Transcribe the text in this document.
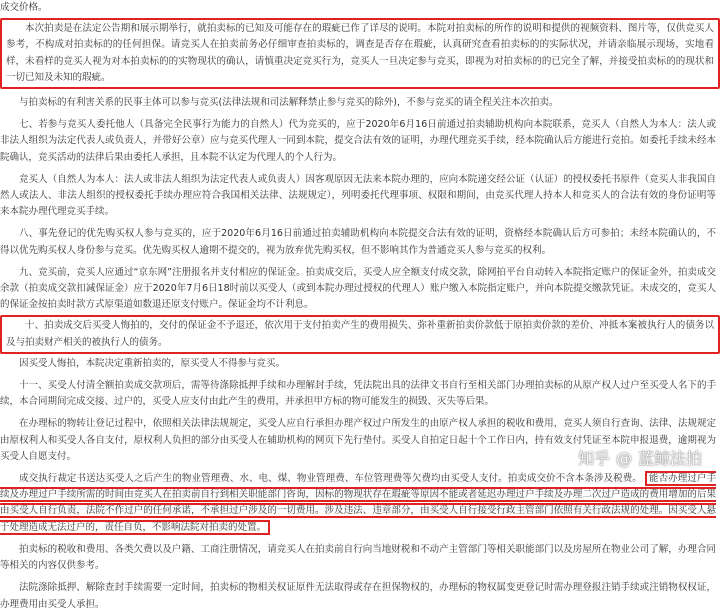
成交价格。

本次拍卖是在法定公告期和展示期举行，就拍卖标的已知及可能存在的瑕疵已作了详尽的说明。本院对拍卖标的所作的说明和提供的视频资料、图片等，仅供竞买人参考，不构成对拍卖标的的任何担保。请竞买人在拍卖前务必仔细审查拍卖标的，调查是否存在瑕疵，认真研究查看拍卖标的的实际状况，并请亲临展示现场，实地看样，未看样的竞买人视为对本拍卖标的的实物现状的确认，请慎重决定竞买行为，竞买人一旦决定参与竞买，即视为对拍卖标的的已完全了解，并接受拍卖标的的现状和一切已知及未知的瑕疵。

与拍卖标的有利害关系的民事主体可以参与竞买(法律法规和司法解释禁止参与竞买的除外)，不参与竞买的请全程关注本次拍卖。

七、若参与竞买人委托他人（具备完全民事行为能力的自然人）代为竞买的，应于2020年6月16日前通过拍卖辅助机构向本院联系，竞买人（自然人为本人：法人或非法人组织为法定代表人或负责人，并带好公章）应与竞买代理人一同到本院，提交合法有效的证明，办理代理竞买手续，经本院确认后方能进行竞拍。如委托手续未经本院确认，竞买活动的法律后果由委托人承担，且本院不认定为代理人的个人行为。

竞买人（自然人为本人：法人或非法人组织为法定代表人或负责人）因客观原因无法来本院办理的，应向本院递交经公证（认证）的授权委托书原件（竞买人非我国自然人或法人、非法人组织的授权委托手续办理应符合我国相关法律、法规规定），列明委托代理事项、权限和期间，由竞买代理人持本人和竞买人的合法有效的身份证明等来本院办理代理竞买手续。

八、事先登记的优先购买权人参与竞买的，应于2020年6月16日前通过拍卖辅助机构向本院提交合法有效的证明，资格经本院确认后方可参拍；未经本院确认的，不得以优先购买权人身份参与竞买。优先购买权人逾期不提交的，视为放弃优先购买权，但不影响其作为普通竞买人参与竞买的权利。

九、竞买前，竞买人应通过“京东网”注册报名并支付相应的保证金。拍卖成交后，买受人应全额支付成交款，除网拍平台自动转入本院指定账户的保证金外，拍卖成交余款（拍卖成交款扣减保证金）应于2020年7月6日18时前以买受人（或到本院办理过授权的代理人）账户缴入本院指定账户，并向本院提交缴款凭证。未成交的，竞买人的保证金按拍卖时款方式原渠道如数退还原支付账户。保证金均不计利息。

十、拍卖成交后买受人悔拍的，交付的保证金不予退还，依次用于支付拍卖产生的费用损失、弥补重新拍卖价款低于原拍卖价款的差价、冲抵本案被执行人的债务以及与拍卖财产相关的被执行人的债务。

因买受人悔拍，本院决定重新拍卖的，原买受人不得参与竞买。

十一、买受人付清全额拍卖成交款项后，需等待涤除抵押手续和办理解封手续，凭法院出具的法律文书自行至相关部门办理拍卖标的从原产权人过户至买受人名下的手续，本合同期间完成交接、过户的，买受人应支付由此产生的费用，并承担甲方标的物可能发生的损毁、灭失等后果。

在办理标的物转让登记过程中，依照相关法律法规规定，买受人应自行承担办理产权过户所发生的由原产权人承担的税收和费用，竞买人须自行查询、法律、法规规定由原权利人和买受人各自支付，原权利人负担的部分由买受人在辅助机构的网页下先行垫付。买受人自拍定日起十个工作日内，持有效支付凭证至本院申报退费，逾期视为买受人自愿支付。

成交执行裁定书送达买受人之后产生的物业管理费、水、电、煤、物业管理费、车位管理费等欠费均由买受人支付。拍卖成交价不含本条涉及税费。 能否办理过户手续及办理过户手续所需的时间由竞买人在拍卖前自行到相关职能部门咨询，因标的物现状存在瑕疵等原因不能或者延迟办理过户手续及办理二次过户造成的费用增加的后果由买受人自行负责，法院不作过户的任何承诺，不承担过户涉及的一切费用。涉及违法、违章部分，由买受人自行接受行政主管部门依照有关行政法规的处理。因买受人悬于处理造成无法过户的，责任自负，不影响法院对拍卖的处置。

拍卖标的税收和费用、各类欠费以及户籍、工商注册情况，请竞买人在拍卖前自行向当地财税和不动产主管部门等相关职能部门以及房屋所在物业公司了解，办理合同等相关的内容仅供参考。

法院涤除抵押、解除查封手续需要一定时间，拍卖标的物相关权证原件无法取得或存在担保物权的，办理标的物权属变更登记时需办理登报注销手续或注销物权权证，办理费用由买受人承担。

知乎 @ 蓝鲸法拍
